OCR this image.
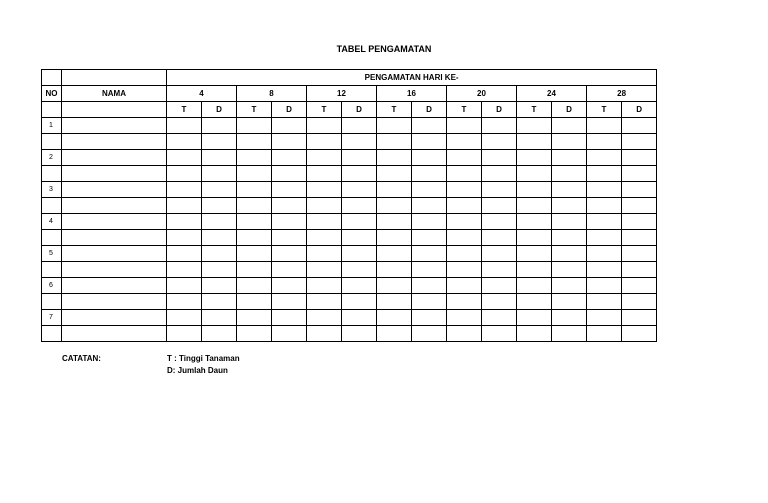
TABEL PENGAMATAN
		PENGAMATAN HARI KE-													
NO	NAMA	4		8		12		16		20		24		28	
		T	D	T	D	T	D	T	D	T	D	T	D	T	D
1															

2															

3															

4															

5															

6															

7															

CATATAN:	T : Tinggi Tanaman
D: Jumlah Daun
